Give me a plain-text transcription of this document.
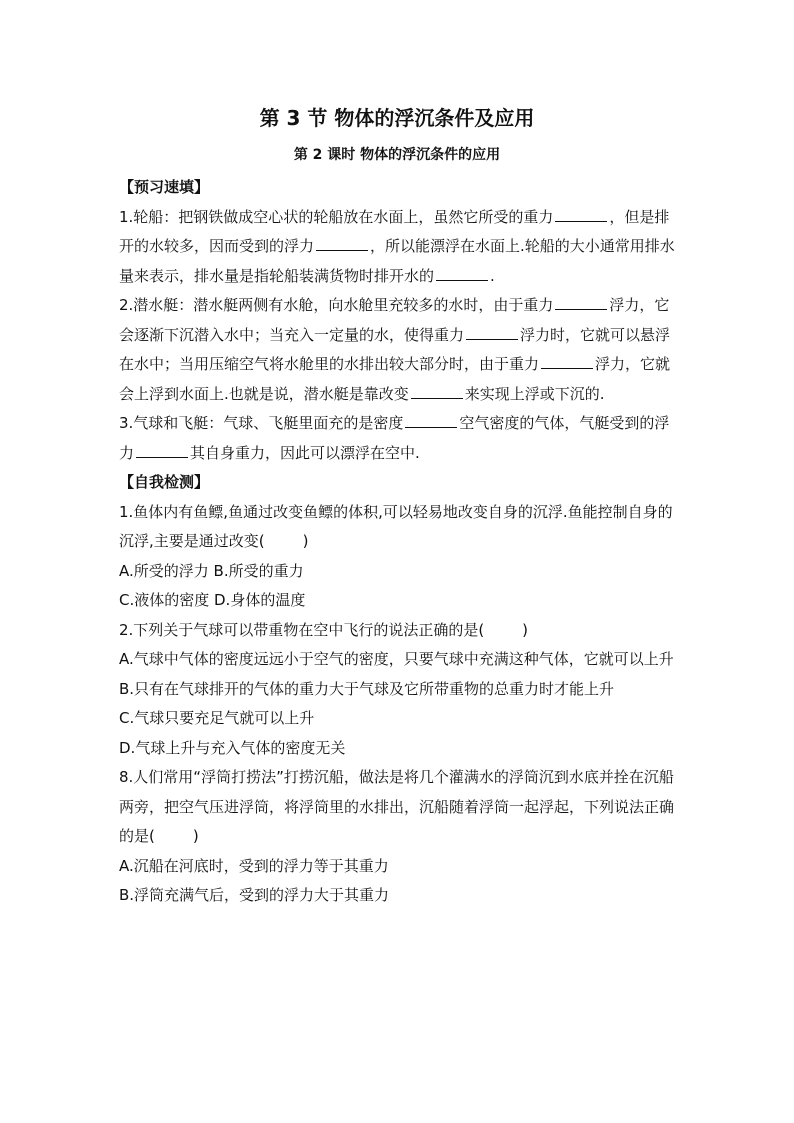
第 3 节 物体的浮沉条件及应用
第 2 课时 物体的浮沉条件的应用

【预习速填】

1.轮船：把钢铁做成空心状的轮船放在水面上，虽然它所受的重力	，但是排开的水较多，因而受到的浮力	，所以能漂浮在水面上.轮船的大小通常用排水量来表示，排水量是指轮船装满货物时排开水的	.

2.潜水艇：潜水艇两侧有水舱，向水舱里充较多的水时，由于重力	浮力，它会逐渐下沉潜入水中；当充入一定量的水，使得重力	浮力时，它就可以悬浮在水中；当用压缩空气将水舱里的水排出较大部分时，由于重力	浮力，它就会上浮到水面上.也就是说，潜水艇是靠改变	来实现上浮或下沉的.

3.气球和飞艇：气球、飞艇里面充的是密度	空气密度的气体，气艇受到的浮力	其自身重力，因此可以漂浮在空中.

【自我检测】

1.鱼体内有鱼鳔,鱼通过改变鱼鳔的体积,可以轻易地改变自身的沉浮.鱼能控制自身的沉浮,主要是通过改变(	)

A.所受的浮力 B.所受的重力

C.液体的密度 D.身体的温度

2.下列关于气球可以带重物在空中飞行的说法正确的是(	)

A.气球中气体的密度远远小于空气的密度，只要气球中充满这种气体，它就可以上升

B.只有在气球排开的气体的重力大于气球及它所带重物的总重力时才能上升

C.气球只要充足气就可以上升

D.气球上升与充入气体的密度无关

8.人们常用“浮筒打捞法”打捞沉船，做法是将几个灌满水的浮筒沉到水底并拴在沉船两旁，把空气压进浮筒，将浮筒里的水排出，沉船随着浮筒一起浮起，下列说法正确的是(	)

A.沉船在河底时，受到的浮力等于其重力

B.浮筒充满气后，受到的浮力大于其重力
